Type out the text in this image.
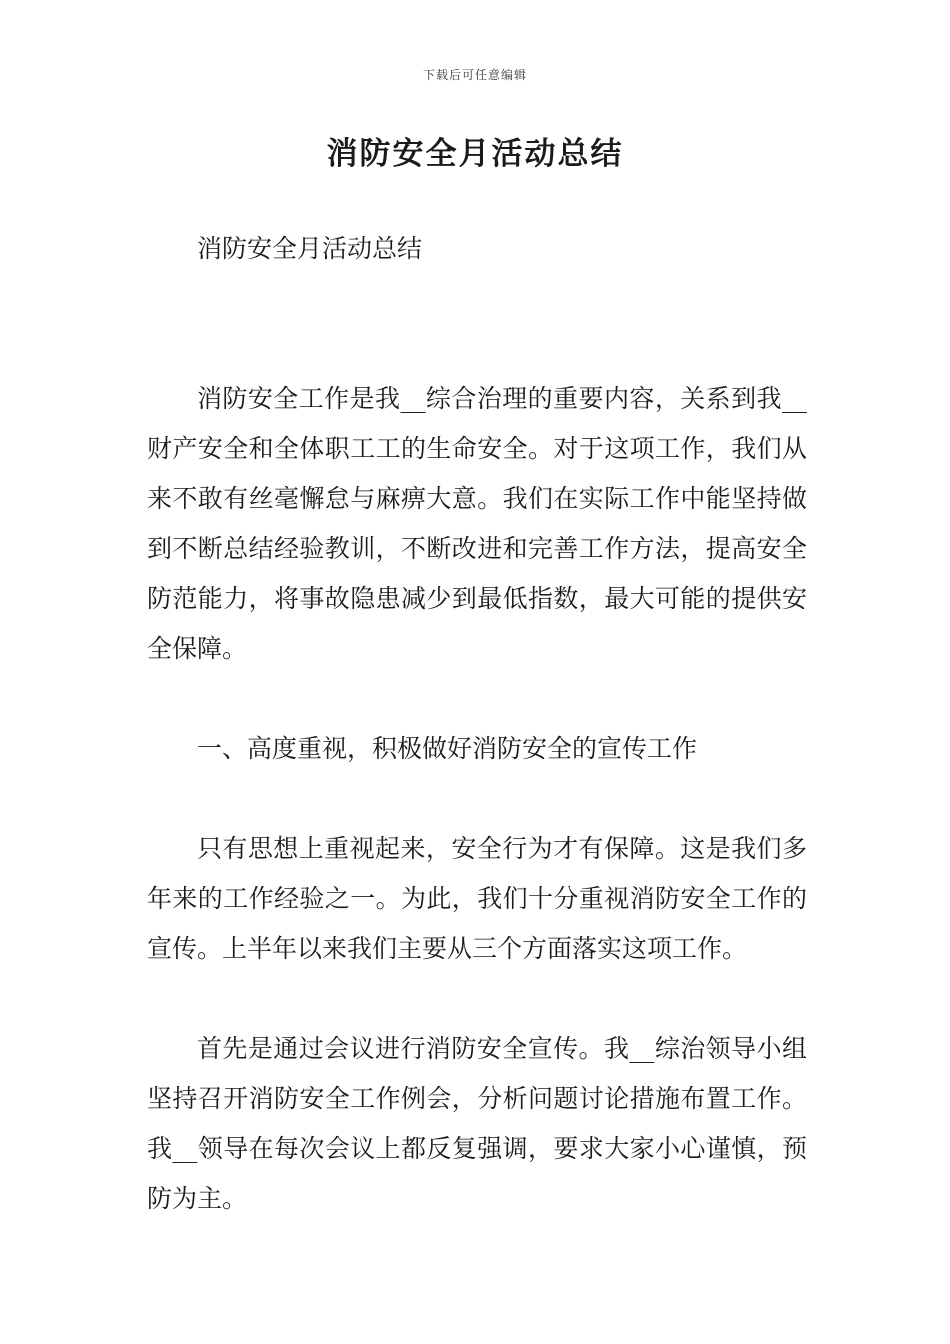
下载后可任意编辑
消防安全月活动总结

消防安全月活动总结

消防安全工作是我__综合治理的重要内容，关系到我__财产安全和全体职工工的生命安全。对于这项工作，我们从来不敢有丝毫懈怠与麻痹大意。我们在实际工作中能坚持做到不断总结经验教训，不断改进和完善工作方法，提高安全防范能力，将事故隐患减少到最低指数，最大可能的提供安全保障。

一、高度重视，积极做好消防安全的宣传工作

只有思想上重视起来，安全行为才有保障。这是我们多年来的工作经验之一。为此，我们十分重视消防安全工作的宣传。上半年以来我们主要从三个方面落实这项工作。

首先是通过会议进行消防安全宣传。我__综治领导小组坚持召开消防安全工作例会，分析问题讨论措施布置工作。我__领导在每次会议上都反复强调，要求大家小心谨慎，预防为主。
